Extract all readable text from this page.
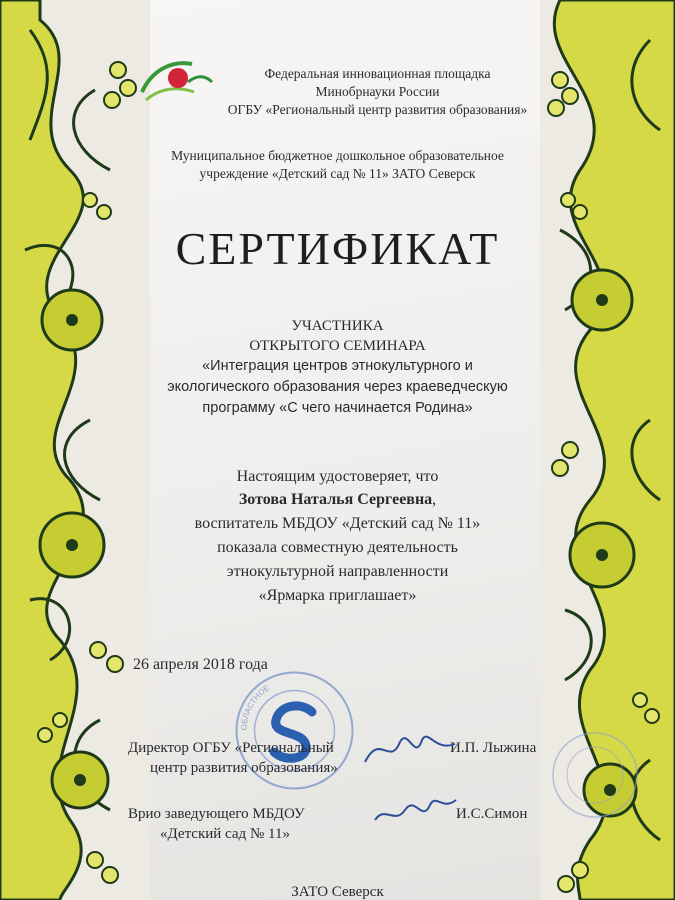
Федеральная инновационная площадка
Минобрнауки России
ОГБУ «Региональный центр развития образования»
Муниципальное бюджетное дошкольное образовательное
учреждение «Детский сад № 11» ЗАТО Северск
СЕРТИФИКАТ
УЧАСТНИКА
ОТКРЫТОГО СЕМИНАРА
«Интеграция центров этнокультурного и
экологического образования через краеведческую
программу «С чего начинается Родина»
Настоящим удостоверяет, что
Зотова Наталья Сергеевна,
воспитатель МБДОУ «Детский сад № 11»
показала совместную деятельность
этнокультурной направленности
«Ярмарка приглашает»
26 апреля 2018 года
ОБЛАСТНОЕ
Директор ОГБУ «Региональный
центр развития образования»
И.П. Лыжина
Врио заведующего МБДОУ
«Детский сад № 11»
И.С.Симон
ЗАТО Северск
